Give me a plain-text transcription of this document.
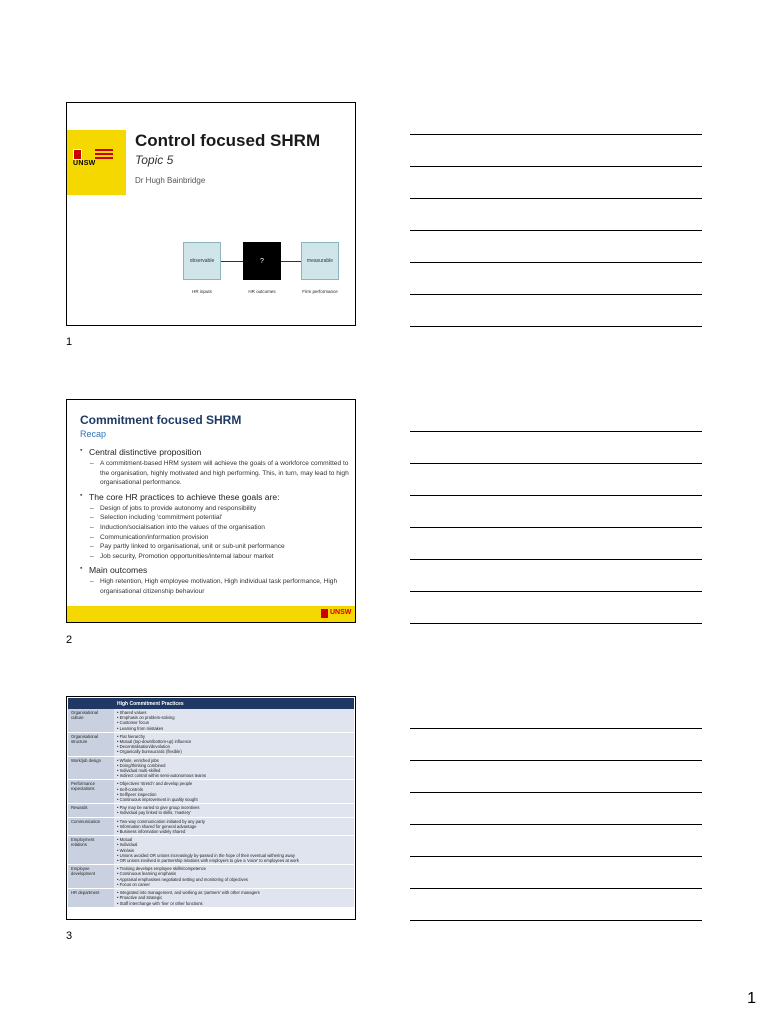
UNSW
Control focused SHRM
Topic 5
Dr Hugh Bainbridge
observable	?	measurable
HR inputs	HR outcomes	Firm performance
1
Commitment focused SHRM
Recap

▪ Central distinctive proposition

– A commitment-based HRM system will achieve the goals of a workforce committed to the organisation, highly motivated and high performing. This, in turn, may lead to high organisational performance.

▪ The core HR practices to achieve these goals are:

– Design of jobs to provide autonomy and responsibility

– Selection including ‘commitment potential’

– Induction/socialisation into the values of the organisation

– Communication/information provision

– Pay partly linked to organisational, unit or sub-unit performance

– Job security, Promotion opportunities/internal labour market

▪ Main outcomes

– High retention, High employee motivation, High individual task performance, High organisational citizenship behaviour

UNSW
2
	High Commitment Practices
Organisational culture	• Shared values
• Emphasis on problem-solving
• Customer focus
• Learning from mistakes

Organisational structure	• Flat hierarchy
• Mutual (top-down/bottom-up) influence
• Decentralisation/devolution
• Organically bureaucratic (flexible)

Work/job design	• Whole, enriched jobs
• Doing/thinking combined
• Individual multi-skilled
• Indirect control within semi-autonomous teams

Performance expectations	• Objectives 'stretch' and develop people
• Self-controls
• Self/peer inspection
• Continuous improvement in quality sought

Rewards	• Pay may be varied to give group incentives
• Individual pay linked to skills, 'mastery'

Communication	• Two-way communication initiated by any party
• Information shared for general advantage
• Business information widely shared

Employment relations	• Mutual
• Individual
• Win/win
• Unions avoided OR unions increasingly by-passed in the hope of their eventual withering away
• OR unions involved in partnership relations with employers to give a 'voice' to employees at work

Employee development	• Training develops employee skills/competence
• Continuous learning emphasis
• Appraisal emphasises negotiated setting and monitoring of objectives
• Focus on career

HR department	• Integrated into management, and working as 'partners' with other managers
• Proactive and strategic
• Staff interchange with 'line' or other functions
3
1
